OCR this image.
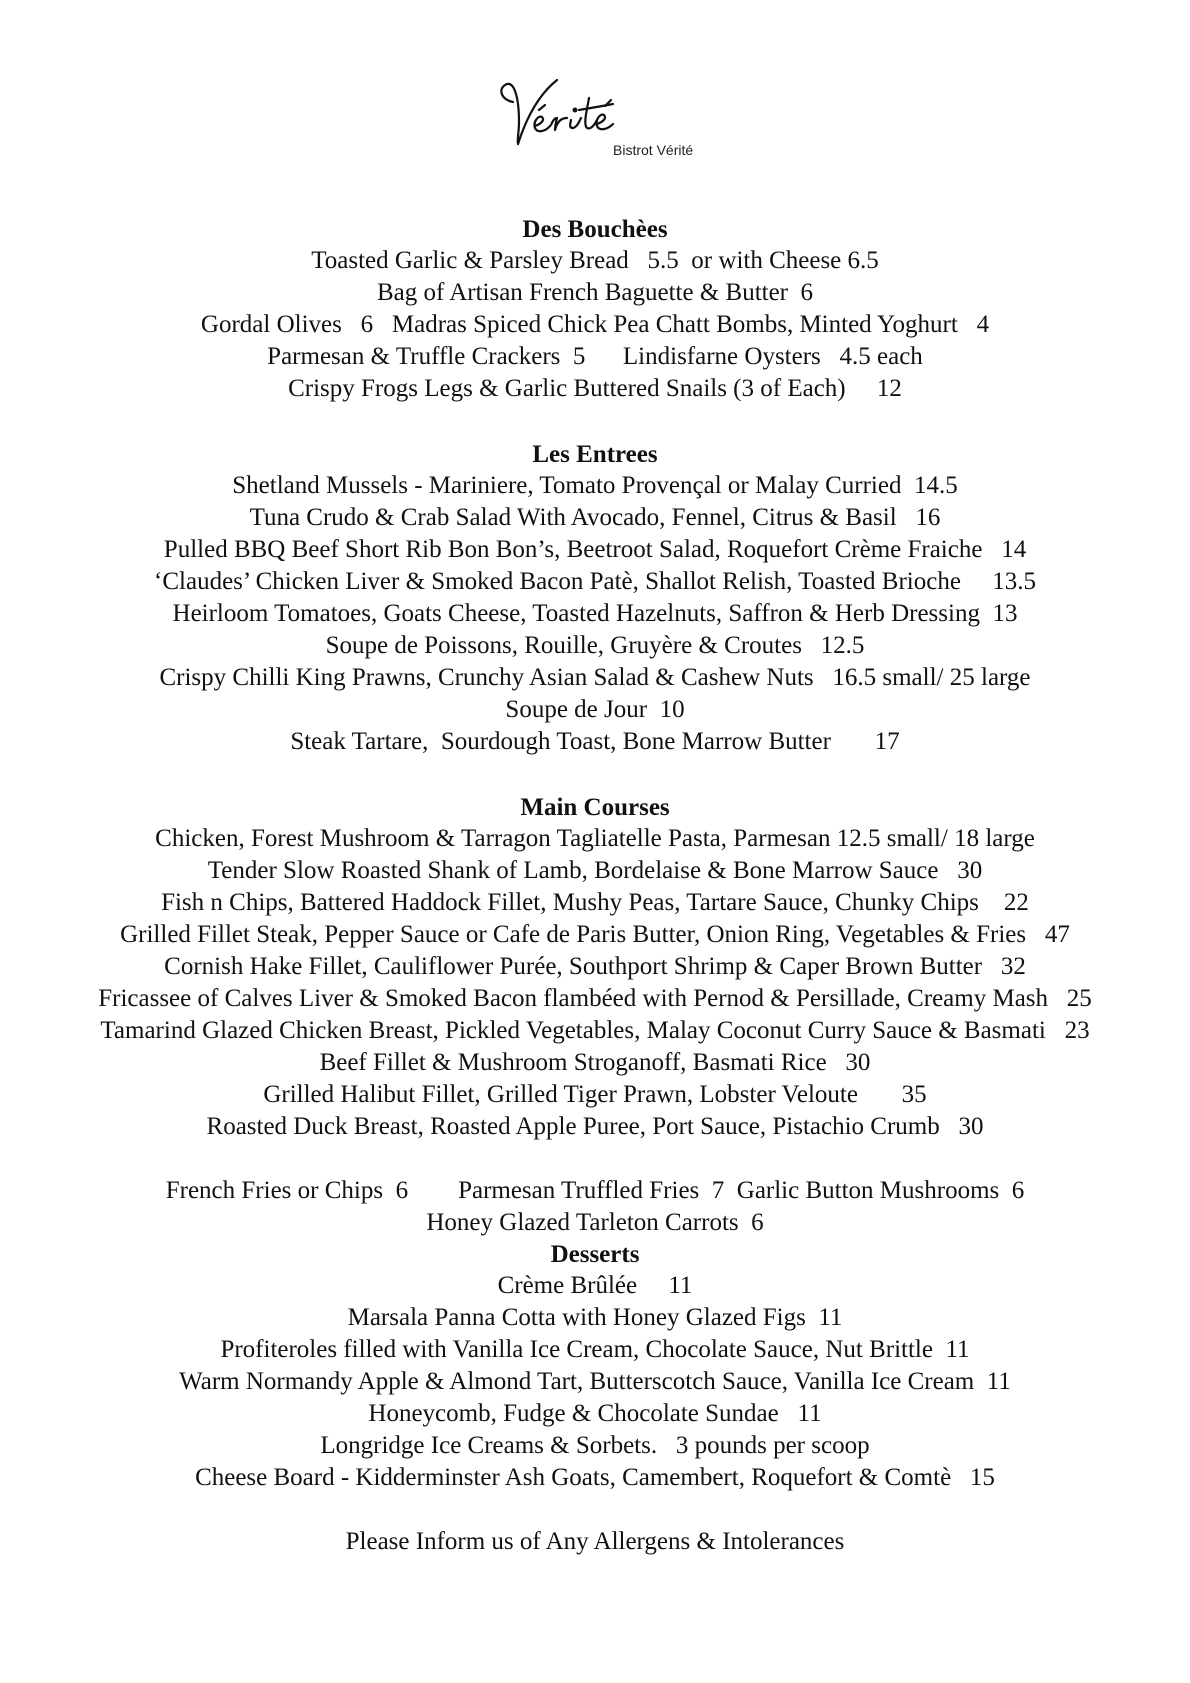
Bistrot Vérité
Des Bouchèes
Toasted Garlic & Parsley Bread   5.5  or with Cheese 6.5
Bag of Artisan French Baguette & Butter  6
Gordal Olives   6   Madras Spiced Chick Pea Chatt Bombs, Minted Yoghurt   4
Parmesan & Truffle Crackers  5      Lindisfarne Oysters   4.5 each
Crispy Frogs Legs & Garlic Buttered Snails (3 of Each)     12
Les Entrees
Shetland Mussels - Mariniere, Tomato Provençal or Malay Curried  14.5
Tuna Crudo & Crab Salad With Avocado, Fennel, Citrus & Basil   16
Pulled BBQ Beef Short Rib Bon Bon’s, Beetroot Salad, Roquefort Crème Fraiche   14
‘Claudes’ Chicken Liver & Smoked Bacon Patè, Shallot Relish, Toasted Brioche     13.5
Heirloom Tomatoes, Goats Cheese, Toasted Hazelnuts, Saffron & Herb Dressing  13
Soupe de Poissons, Rouille, Gruyère & Croutes   12.5
Crispy Chilli King Prawns, Crunchy Asian Salad & Cashew Nuts   16.5 small/ 25 large
Soupe de Jour  10
Steak Tartare,  Sourdough Toast, Bone Marrow Butter       17
Main Courses
Chicken, Forest Mushroom & Tarragon Tagliatelle Pasta, Parmesan 12.5 small/ 18 large
Tender Slow Roasted Shank of Lamb, Bordelaise & Bone Marrow Sauce   30
Fish n Chips, Battered Haddock Fillet, Mushy Peas, Tartare Sauce, Chunky Chips    22
Grilled Fillet Steak, Pepper Sauce or Cafe de Paris Butter, Onion Ring, Vegetables & Fries   47
Cornish Hake Fillet, Cauliflower Purée, Southport Shrimp & Caper Brown Butter   32
Fricassee of Calves Liver & Smoked Bacon flambéed with Pernod & Persillade, Creamy Mash   25
Tamarind Glazed Chicken Breast, Pickled Vegetables, Malay Coconut Curry Sauce & Basmati   23
Beef Fillet & Mushroom Stroganoff, Basmati Rice   30
Grilled Halibut Fillet, Grilled Tiger Prawn, Lobster Veloute       35
Roasted Duck Breast, Roasted Apple Puree, Port Sauce, Pistachio Crumb   30
French Fries or Chips  6        Parmesan Truffled Fries  7  Garlic Button Mushrooms  6
Honey Glazed Tarleton Carrots  6
Desserts
Crème Brûlée     11
Marsala Panna Cotta with Honey Glazed Figs  11
Profiteroles filled with Vanilla Ice Cream, Chocolate Sauce, Nut Brittle  11
Warm Normandy Apple & Almond Tart, Butterscotch Sauce, Vanilla Ice Cream  11
Honeycomb, Fudge & Chocolate Sundae   11
Longridge Ice Creams & Sorbets.   3 pounds per scoop
Cheese Board - Kidderminster Ash Goats, Camembert, Roquefort & Comtè   15
Please Inform us of Any Allergens & Intolerances
